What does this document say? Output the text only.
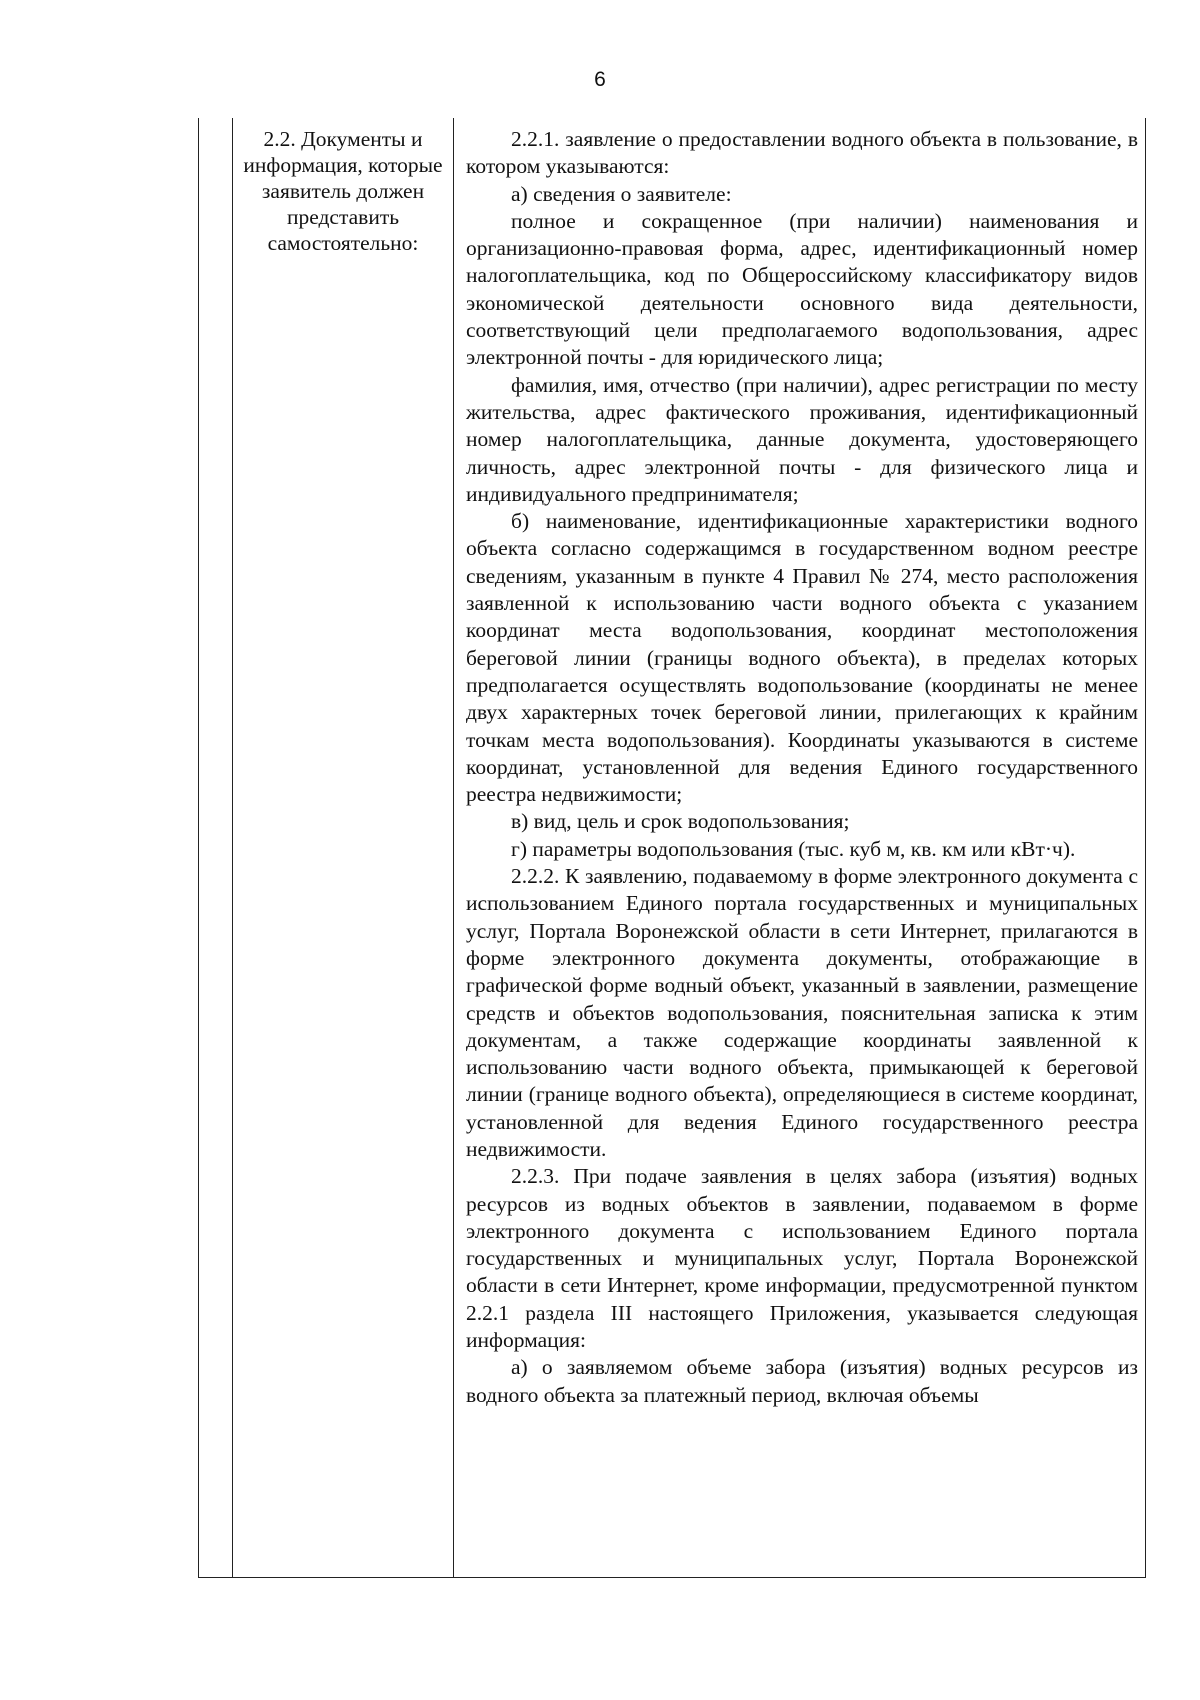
6

2.2. Документы и информация, которые заявитель должен представить самостоятельно:

2.2.1. заявление о предоставлении водного объекта в пользование, в котором указываются:

а) сведения о заявителе:

полное и сокращенное (при наличии) наименования и организационно-правовая форма, адрес, идентификационный номер налогоплательщика, код по Общероссийскому классификатору видов экономической деятельности основного вида деятельности, соответствующий цели предполагаемого водопользования, адрес электронной почты - для юридического лица;

фамилия, имя, отчество (при наличии), адрес регистрации по месту жительства, адрес фактического проживания, идентификационный номер налогоплательщика, данные документа, удостоверяющего личность, адрес электронной почты - для физического лица и индивидуального предпринимателя;

б) наименование, идентификационные характеристики водного объекта согласно содержащимся в государственном водном реестре сведениям, указанным в пункте 4 Правил № 274, место расположения заявленной к использованию части водного объекта с указанием координат места водопользования, координат местоположения береговой линии (границы водного объекта), в пределах которых предполагается осуществлять водопользование (координаты не менее двух характерных точек береговой линии, прилегающих к крайним точкам места водопользования). Координаты указываются в системе координат, установленной для ведения Единого государственного реестра недвижимости;

в) вид, цель и срок водопользования;

г) параметры водопользования (тыс. куб м, кв. км или кВт·ч).

2.2.2. К заявлению, подаваемому в форме электронного документа с использованием Единого портала государственных и муниципальных услуг, Портала Воронежской области в сети Интернет, прилагаются в форме электронного документа документы, отображающие в графической форме водный объект, указанный в заявлении, размещение средств и объектов водопользования, пояснительная записка к этим документам, а также содержащие координаты заявленной к использованию части водного объекта, примыкающей к береговой линии (границе водного объекта), определяющиеся в системе координат, установленной для ведения Единого государственного реестра недвижимости.

2.2.3. При подаче заявления в целях забора (изъятия) водных ресурсов из водных объектов в заявлении, подаваемом в форме электронного документа с использованием Единого портала государственных и муниципальных услуг, Портала Воронежской области в сети Интернет, кроме информации, предусмотренной пунктом 2.2.1 раздела III настоящего Приложения, указывается следующая информация:

а) о заявляемом объеме забора (изъятия) водных ресурсов из водного объекта за платежный период, включая объемы
